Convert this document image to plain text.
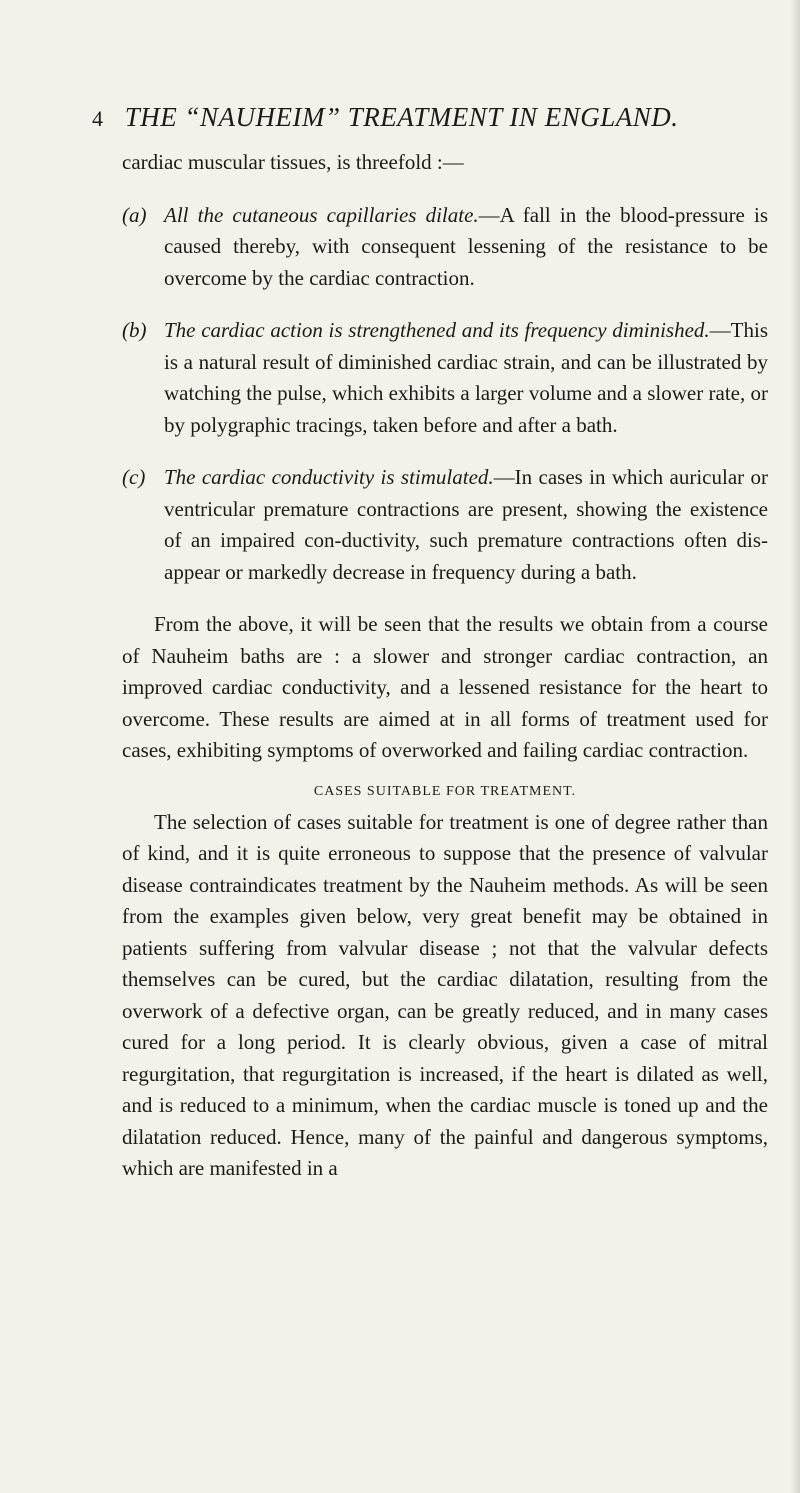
4 THE “NAUHEIM” TREATMENT IN ENGLAND.

cardiac muscular tissues, is threefold :—

(a) All the cutaneous capillaries dilate.—A fall in the blood-pressure is caused thereby, with consequent lessening of the resistance to be overcome by the cardiac contraction.

(b) The cardiac action is strengthened and its frequency diminished.—This is a natural result of diminished cardiac strain, and can be illustrated by watching the pulse, which exhibits a larger volume and a slower rate, or by polygraphic tracings, taken before and after a bath.

(c) The cardiac conductivity is stimulated.—In cases in which auricular or ventricular premature contractions are present, showing the existence of an impaired con-ductivity, such premature contractions often dis-appear or markedly decrease in frequency during a bath.

From the above, it will be seen that the results we obtain from a course of Nauheim baths are : a slower and stronger cardiac contraction, an improved cardiac conductivity, and a lessened resistance for the heart to overcome. These results are aimed at in all forms of treatment used for cases, exhibiting symptoms of overworked and failing cardiac contraction.

CASES SUITABLE FOR TREATMENT.

The selection of cases suitable for treatment is one of degree rather than of kind, and it is quite erroneous to suppose that the presence of valvular disease contraindicates treatment by the Nauheim methods. As will be seen from the examples given below, very great benefit may be obtained in patients suffering from valvular disease ; not that the valvular defects themselves can be cured, but the cardiac dilatation, resulting from the overwork of a defective organ, can be greatly reduced, and in many cases cured for a long period. It is clearly obvious, given a case of mitral regurgitation, that regurgitation is increased, if the heart is dilated as well, and is reduced to a minimum, when the cardiac muscle is toned up and the dilatation reduced. Hence, many of the painful and dangerous symptoms, which are manifested in a
